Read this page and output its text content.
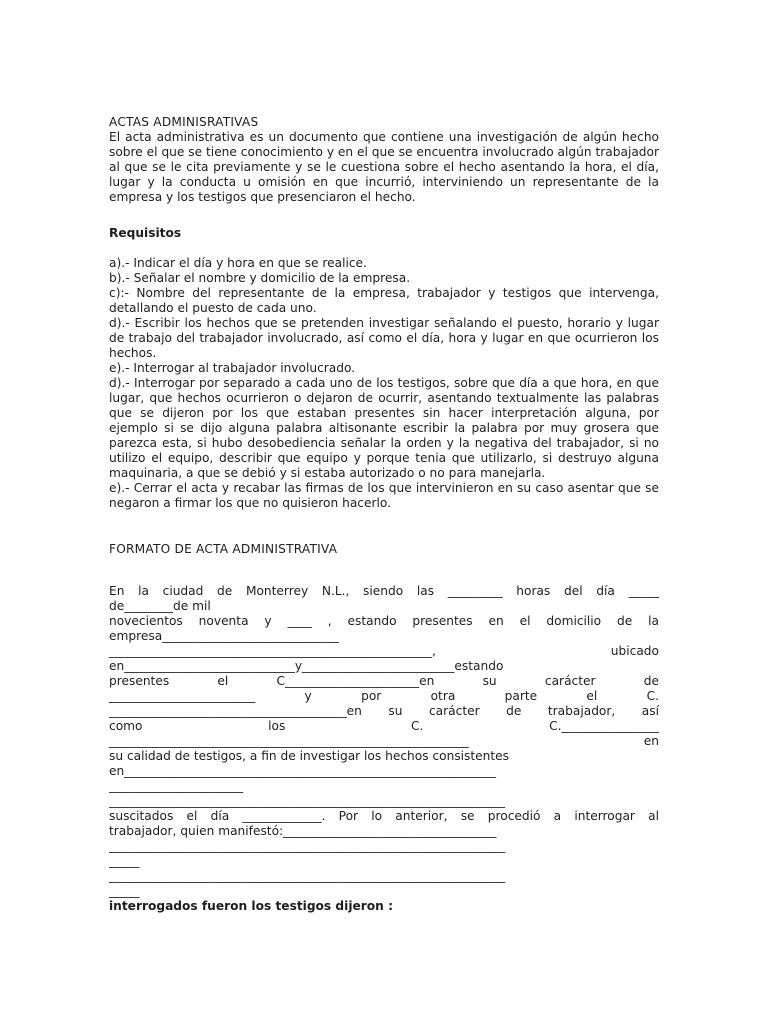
ACTAS ADMINISRATIVAS
El acta administrativa es un documento que contiene una investigación de algún hecho sobre el que se tiene conocimiento y en el que se encuentra involucrado algún trabajador al que se le cita previamente y se le cuestiona sobre el hecho asentando la hora, el día, lugar y la conducta u omisión en que incurrió, interviniendo un representante de la empresa y los testigos que presenciaron el hecho.
Requisitos
a).- Indicar el día y hora en que se realice.
b).- Señalar el nombre y domicilio de la empresa.
c):- Nombre del representante de la empresa, trabajador y testigos que intervenga, detallando el puesto de cada uno.
d).- Escribir los hechos que se pretenden investigar señalando el puesto, horario y lugar de trabajo del trabajador involucrado, así como el día, hora y lugar en que ocurrieron los hechos.
e).- Interrogar al trabajador involucrado.
d).- Interrogar por separado a cada uno de los testigos, sobre que día a que hora, en que lugar, que hechos ocurrieron o dejaron de ocurrir, asentando textualmente las palabras que se dijeron por los que estaban presentes sin hacer interpretación alguna, por ejemplo si se dijo alguna palabra altisonante escribir la palabra por muy grosera que parezca esta, si hubo desobediencia señalar la orden y la negativa del trabajador, si no utilizo el equipo, describir que equipo y porque tenia que utilizarlo, si destruyo alguna maquinaria, a que se debió y si estaba autorizado o no para manejarla.
e).- Cerrar el acta y recabar las firmas de los que intervinieron en su caso asentar que se negaron a firmar los que no quisieron hacerlo.
FORMATO DE ACTA ADMINISTRATIVA
En la ciudad de Monterrey N.L., siendo las _________ horas del día _____
de________de mil
novecientos noventa y ____ , estando presentes en el domicilio de la
empresa_____________________________
_____________________________________________________, ubicado
en____________________________y_________________________estando
presentes el C______________________en su carácter de
________________________ y por otra parte el C.
_______________________________________en su carácter de trabajador, así
como los C. C.________________
___________________________________________________________ en
su calidad de testigos, a fin de investigar los hechos consistentes
en_____________________________________________________________
______________________
_________________________________________________________________
suscitados el día _____________. Por lo anterior, se procedió a interrogar al
trabajador, quien manifestó:___________________________________
_________________________________________________________________
_____
_________________________________________________________________
_____
interrogados fueron los testigos dijeron :
